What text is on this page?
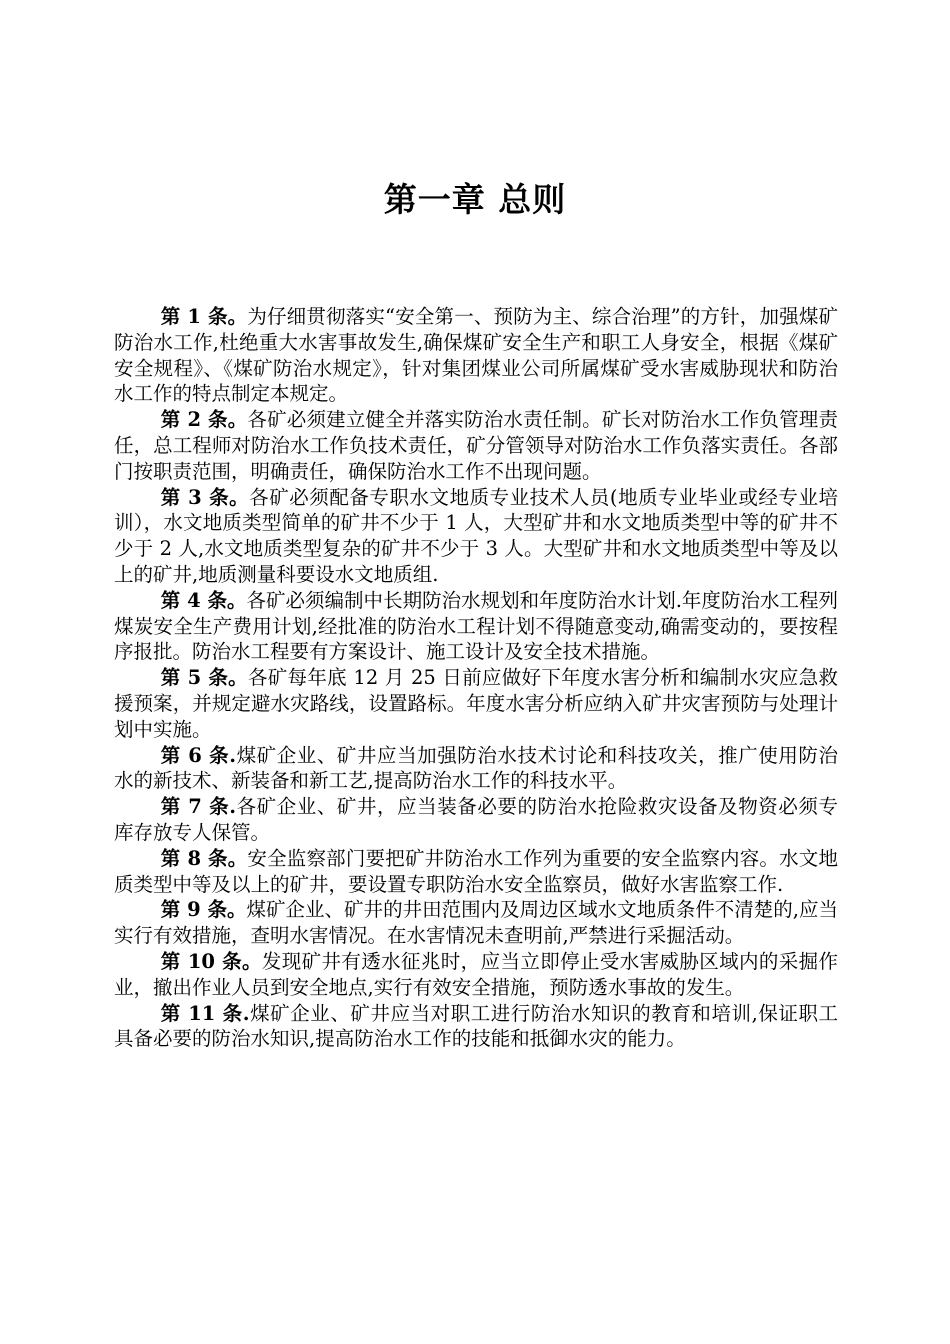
第一章 总则

第 1 条。为仔细贯彻落实“安全第一、预防为主、综合治理”的方针，加强煤矿防治水工作,杜绝重大水害事故发生,确保煤矿安全生产和职工人身安全，根据《煤矿安全规程》、《煤矿防治水规定》，针对集团煤业公司所属煤矿受水害威胁现状和防治水工作的特点制定本规定。

第 2 条。各矿必须建立健全并落实防治水责任制。矿长对防治水工作负管理责任，总工程师对防治水工作负技术责任，矿分管领导对防治水工作负落实责任。各部门按职责范围，明确责任，确保防治水工作不出现问题。

第 3 条。各矿必须配备专职水文地质专业技术人员(地质专业毕业或经专业培训），水文地质类型简单的矿井不少于 1 人，大型矿井和水文地质类型中等的矿井不少于 2 人,水文地质类型复杂的矿井不少于 3 人。大型矿井和水文地质类型中等及以上的矿井,地质测量科要设水文地质组.

第 4 条。各矿必须编制中长期防治水规划和年度防治水计划.年度防治水工程列煤炭安全生产费用计划,经批准的防治水工程计划不得随意变动,确需变动的，要按程序报批。防治水工程要有方案设计、施工设计及安全技术措施。

第 5 条。各矿每年底 12 月 25 日前应做好下年度水害分析和编制水灾应急救援预案，并规定避水灾路线，设置路标。年度水害分析应纳入矿井灾害预防与处理计划中实施。

第 6 条.煤矿企业、矿井应当加强防治水技术讨论和科技攻关，推广使用防治水的新技术、新装备和新工艺,提高防治水工作的科技水平。

第 7 条.各矿企业、矿井，应当装备必要的防治水抢险救灾设备及物资必须专库存放专人保管。

第 8 条。安全监察部门要把矿井防治水工作列为重要的安全监察内容。水文地质类型中等及以上的矿井，要设置专职防治水安全监察员，做好水害监察工作.

第 9 条。煤矿企业、矿井的井田范围内及周边区域水文地质条件不清楚的,应当实行有效措施，查明水害情况。在水害情况未查明前,严禁进行采掘活动。

第 10 条。发现矿井有透水征兆时，应当立即停止受水害威胁区域内的采掘作业，撤出作业人员到安全地点,实行有效安全措施，预防透水事故的发生。

第 11 条.煤矿企业、矿井应当对职工进行防治水知识的教育和培训,保证职工具备必要的防治水知识,提高防治水工作的技能和抵御水灾的能力。
